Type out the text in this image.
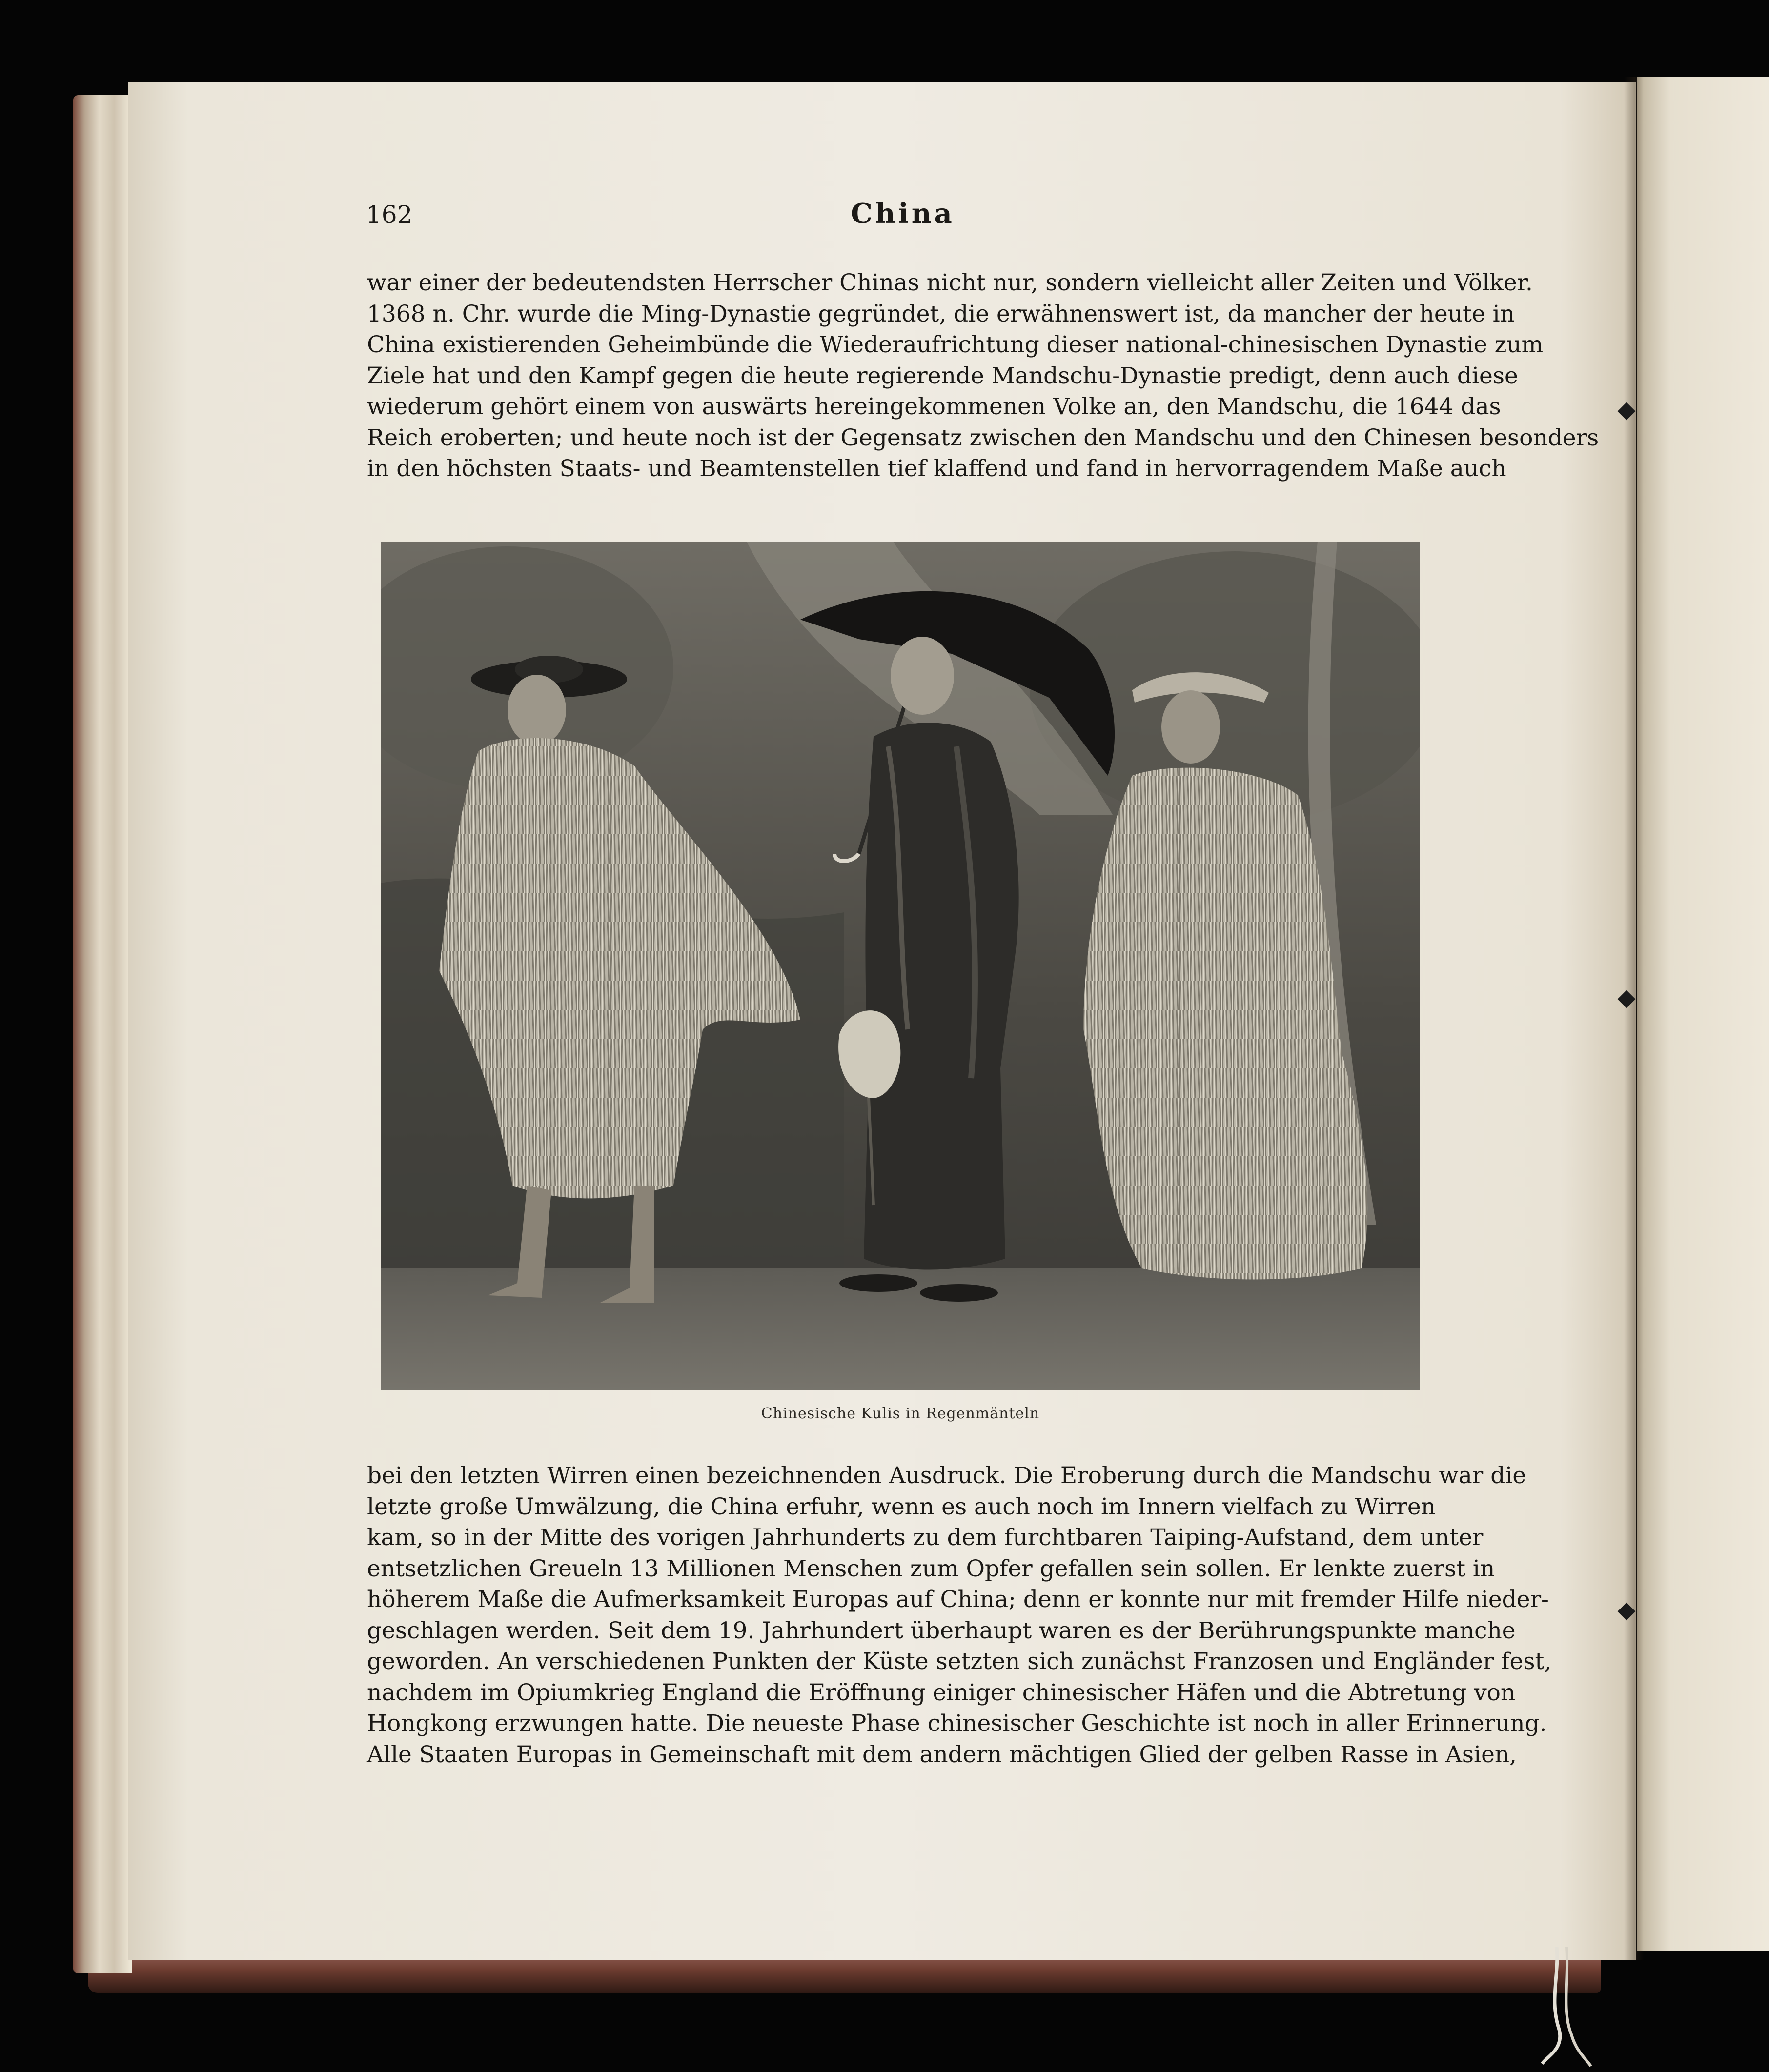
162	China
war einer der bedeutendsten Herrscher Chinas nicht nur, sondern vielleicht aller Zeiten und Völker.
1368 n. Chr. wurde die Ming-Dynastie gegründet, die erwähnenswert ist, da mancher der heute in
China existierenden Geheimbünde die Wiederaufrichtung dieser national-chinesischen Dynastie zum
Ziele hat und den Kampf gegen die heute regierende Mandschu-Dynastie predigt, denn auch diese
wiederum gehört einem von auswärts hereingekommenen Volke an, den Mandschu, die 1644 das
Reich eroberten; und heute noch ist der Gegensatz zwischen den Mandschu und den Chinesen besonders
in den höchsten Staats- und Beamtenstellen tief klaffend und fand in hervorragendem Maße auch
Chinesische Kulis in Regenmänteln
bei den letzten Wirren einen bezeichnenden Ausdruck. Die Eroberung durch die Mandschu war die
letzte große Umwälzung, die China erfuhr, wenn es auch noch im Innern vielfach zu Wirren
kam, so in der Mitte des vorigen Jahrhunderts zu dem furchtbaren Taiping-Aufstand, dem unter
entsetzlichen Greueln 13 Millionen Menschen zum Opfer gefallen sein sollen. Er lenkte zuerst in
höherem Maße die Aufmerksamkeit Europas auf China; denn er konnte nur mit fremder Hilfe nieder-
geschlagen werden. Seit dem 19. Jahrhundert überhaupt waren es der Berührungspunkte manche
geworden. An verschiedenen Punkten der Küste setzten sich zunächst Franzosen und Engländer fest,
nachdem im Opiumkrieg England die Eröffnung einiger chinesischer Häfen und die Abtretung von
Hongkong erzwungen hatte. Die neueste Phase chinesischer Geschichte ist noch in aller Erinnerung.
Alle Staaten Europas in Gemeinschaft mit dem andern mächtigen Glied der gelben Rasse in Asien,
